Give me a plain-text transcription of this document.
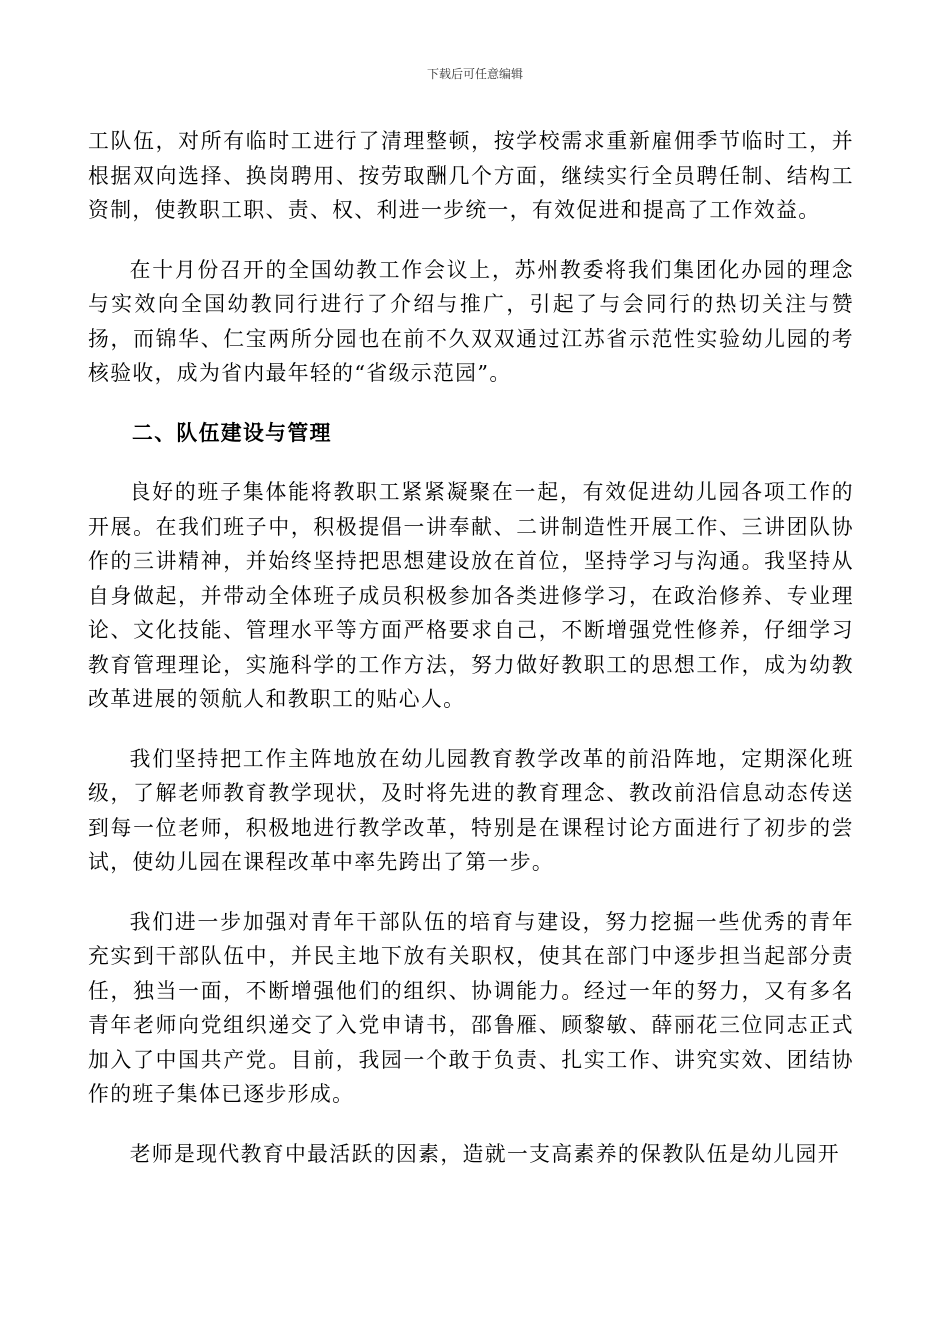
下载后可任意编辑

工队伍，对所有临时工进行了清理整顿，按学校需求重新雇佣季节临时工，并根据双向选择、换岗聘用、按劳取酬几个方面，继续实行全员聘任制、结构工资制，使教职工职、责、权、利进一步统一，有效促进和提高了工作效益。

在十月份召开的全国幼教工作会议上，苏州教委将我们集团化办园的理念与实效向全国幼教同行进行了介绍与推广，引起了与会同行的热切关注与赞扬，而锦华、仁宝两所分园也在前不久双双通过江苏省示范性实验幼儿园的考核验收，成为省内最年轻的“省级示范园”。

二、队伍建设与管理

良好的班子集体能将教职工紧紧凝聚在一起，有效促进幼儿园各项工作的开展。在我们班子中，积极提倡一讲奉献、二讲制造性开展工作、三讲团队协作的三讲精神，并始终坚持把思想建设放在首位，坚持学习与沟通。我坚持从自身做起，并带动全体班子成员积极参加各类进修学习，在政治修养、专业理论、文化技能、管理水平等方面严格要求自己，不断增强党性修养，仔细学习教育管理理论，实施科学的工作方法，努力做好教职工的思想工作，成为幼教改革进展的领航人和教职工的贴心人。

我们坚持把工作主阵地放在幼儿园教育教学改革的前沿阵地，定期深化班级，了解老师教育教学现状，及时将先进的教育理念、教改前沿信息动态传送到每一位老师，积极地进行教学改革，特别是在课程讨论方面进行了初步的尝试，使幼儿园在课程改革中率先跨出了第一步。

我们进一步加强对青年干部队伍的培育与建设，努力挖掘一些优秀的青年充实到干部队伍中，并民主地下放有关职权，使其在部门中逐步担当起部分责任，独当一面，不断增强他们的组织、协调能力。经过一年的努力，又有多名青年老师向党组织递交了入党申请书，邵鲁雁、顾黎敏、薛丽花三位同志正式加入了中国共产党。目前，我园一个敢于负责、扎实工作、讲究实效、团结协作的班子集体已逐步形成。

老师是现代教育中最活跃的因素，造就一支高素养的保教队伍是幼儿园开
